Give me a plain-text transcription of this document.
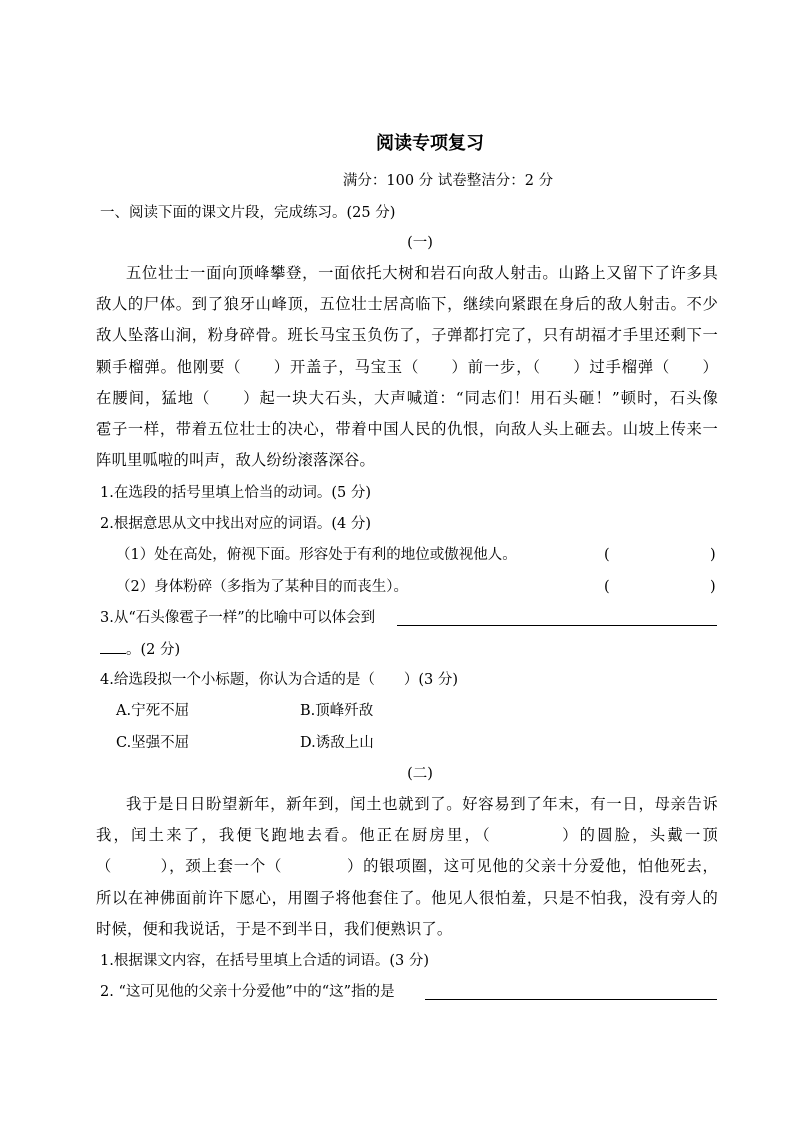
阅读专项复习
满分：100 分 试卷整洁分：2 分
一、阅读下面的课文片段，完成练习。(25 分)
(一)
五位壮士一面向顶峰攀登，一面依托大树和岩石向敌人射击。山路上又留下了许多具
敌人的尸体。到了狼牙山峰顶，五位壮士居高临下，继续向紧跟在身后的敌人射击。不少
敌人坠落山涧，粉身碎骨。班长马宝玉负伤了，子弹都打完了，只有胡福才手里还剩下一
颗手榴弹。他刚要（　　）开盖子，马宝玉（　　）前一步，（　　）过手榴弹（　　）
在腰间，猛地（　　）起一块大石头，大声喊道：“同志们！用石头砸！”顿时，石头像
雹子一样，带着五位壮士的决心，带着中国人民的仇恨，向敌人头上砸去。山坡上传来一
阵叽里呱啦的叫声，敌人纷纷滚落深谷。
1.在选段的括号里填上恰当的动词。(5 分)
2.根据意思从文中找出对应的词语。(4 分)
（1）处在高处，俯视下面。形容处于有利的地位或傲视他人。	(	)
（2）身体粉碎（多指为了某种目的而丧生）。	(	)
3.从“石头像雹子一样”的比喻中可以体会到
。(2 分)
4.给选段拟一个小标题，你认为合适的是（　　）(3 分)
A.宁死不屈	B.顶峰歼敌
C.坚强不屈	D.诱敌上山
(二)
我于是日日盼望新年，新年到，闰土也就到了。好容易到了年末，有一日，母亲告诉
我，闰土来了，我便飞跑地去看。他正在厨房里，（　　　　）的圆脸，头戴一顶
（　　　），颈上套一个（　　　　）的银项圈，这可见他的父亲十分爱他，怕他死去，
所以在神佛面前许下愿心，用圈子将他套住了。他见人很怕羞，只是不怕我，没有旁人的
时候，便和我说话，于是不到半日，我们便熟识了。
1.根据课文内容，在括号里填上合适的词语。(3 分)
2. “这可见他的父亲十分爱他”中的“这”指的是
